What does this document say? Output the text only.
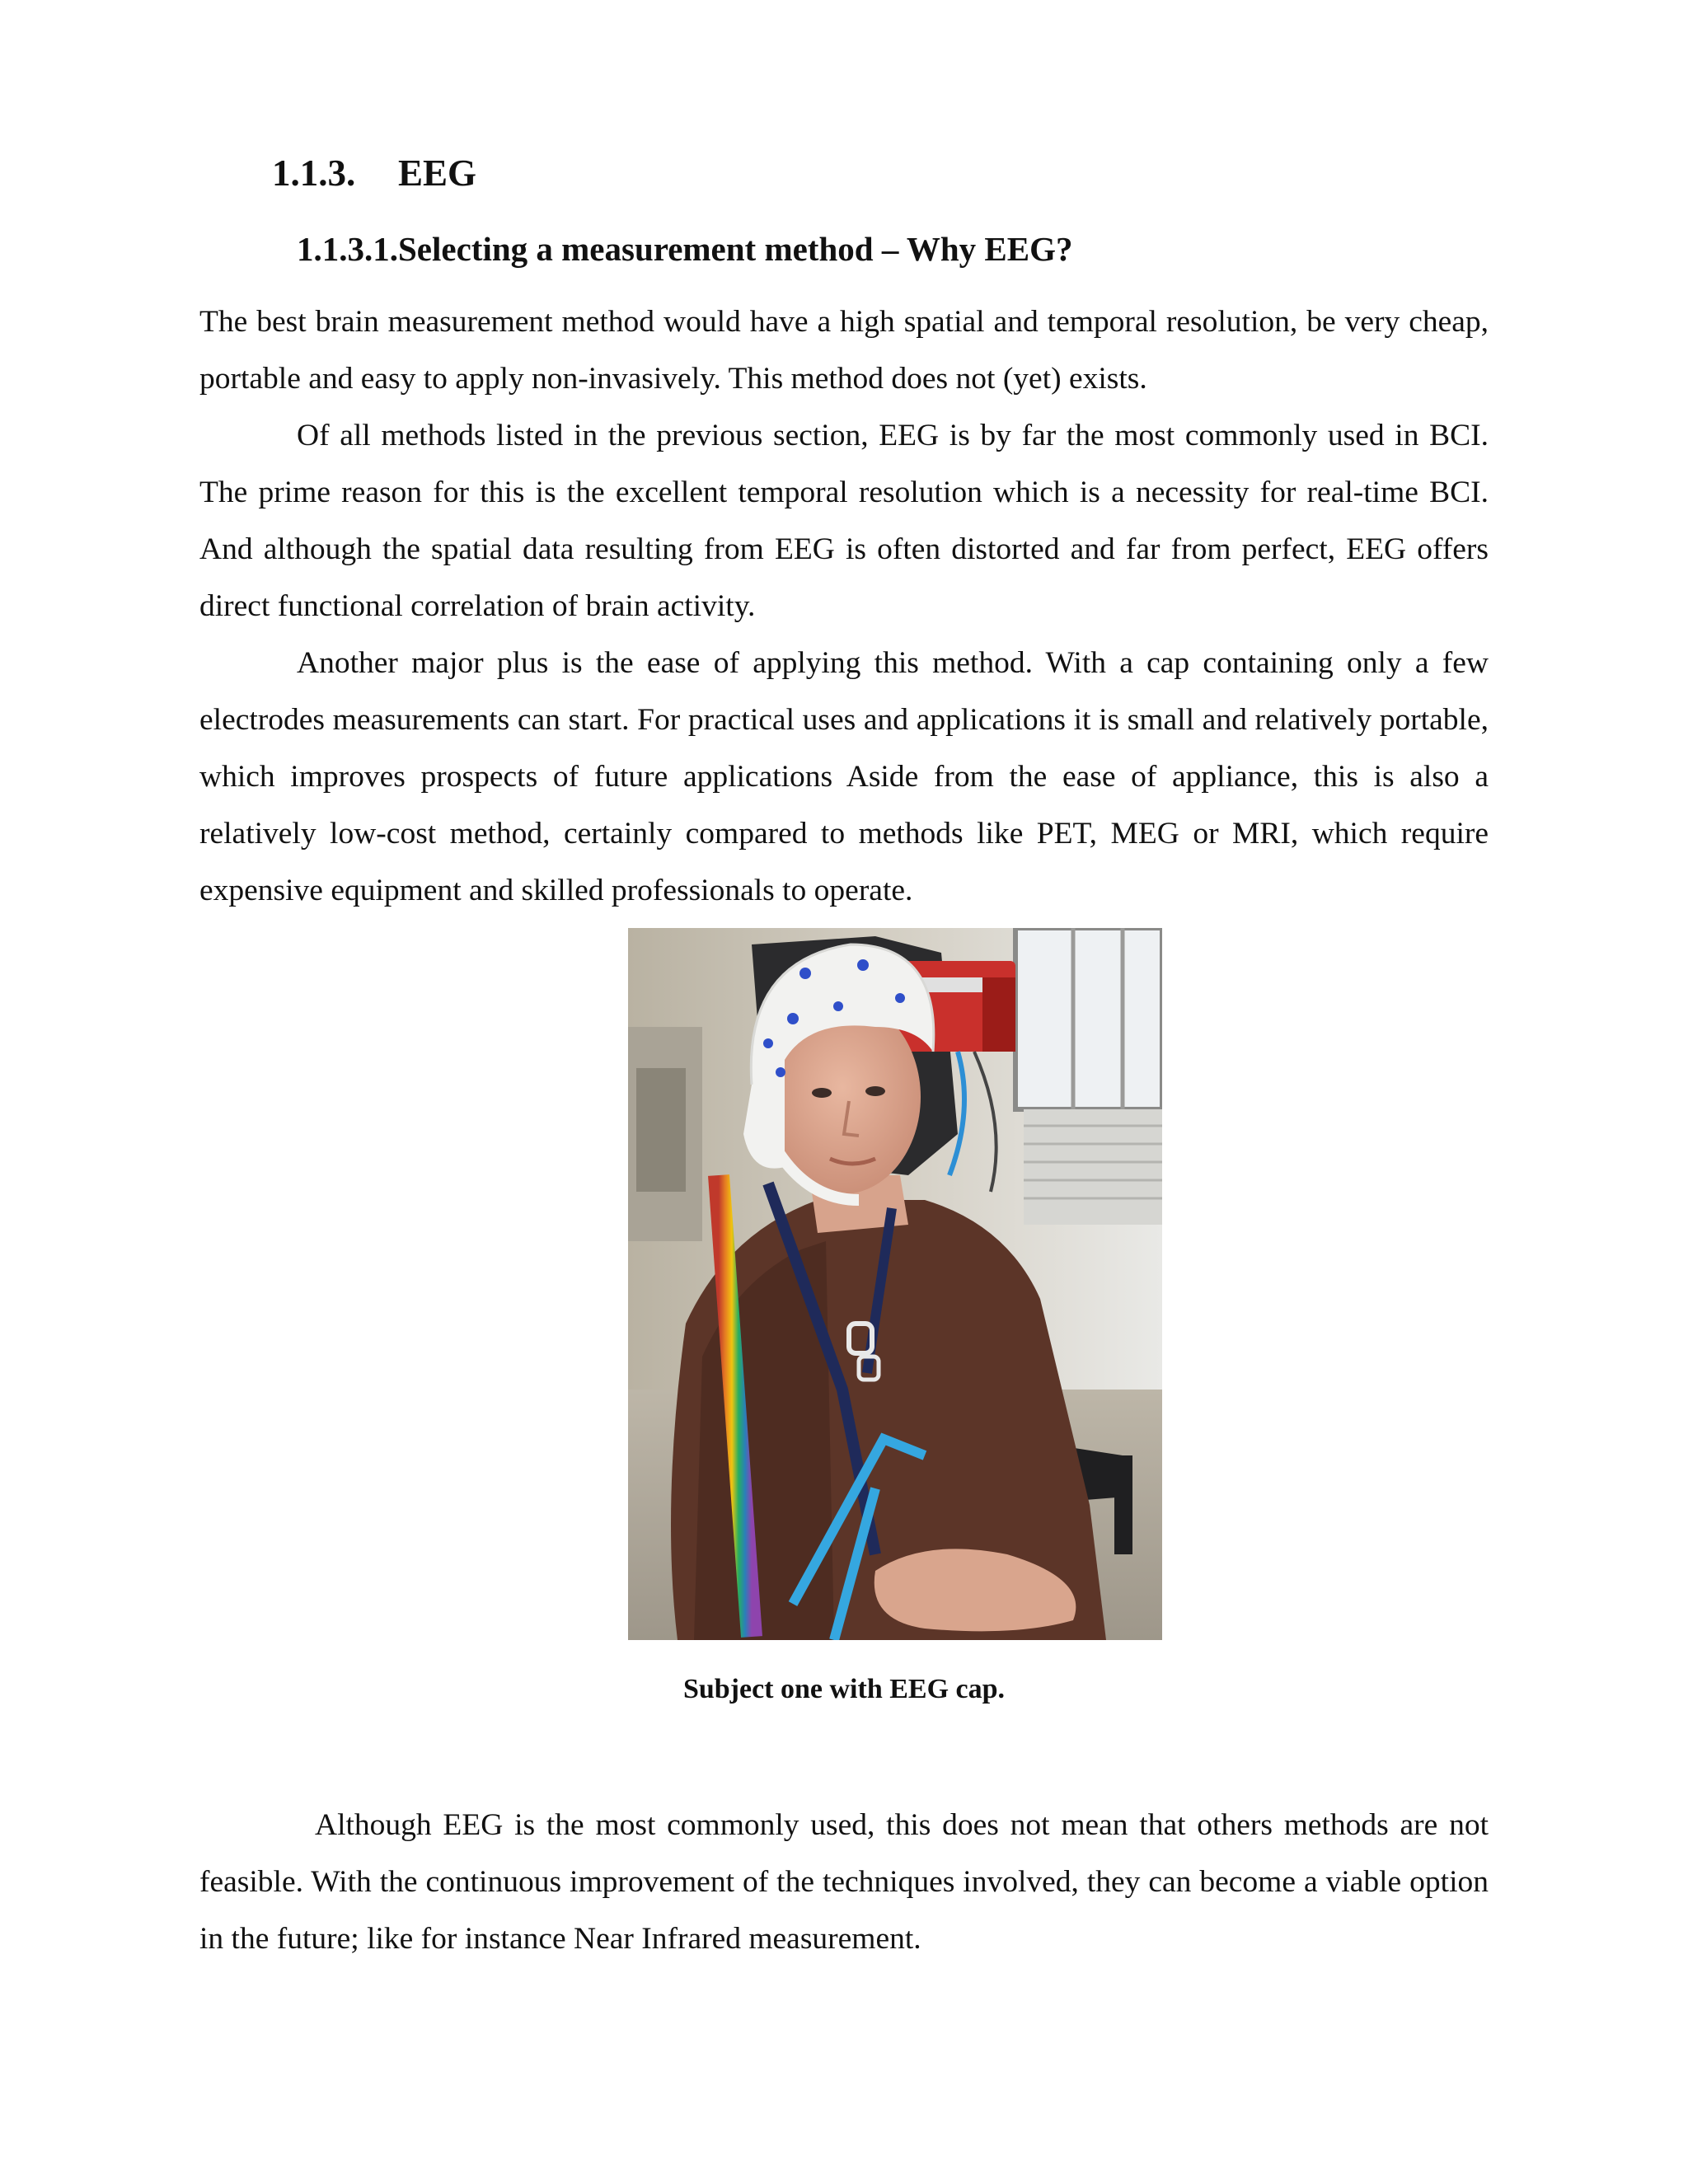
1.1.3. EEG
1.1.3.1.Selecting a measurement method – Why EEG?

The best brain measurement method would have a high spatial and temporal resolution, be very cheap, portable and easy to apply non-invasively. This method does not (yet) exists.

Of all methods listed in the previous section, EEG is by far the most commonly used in BCI. The prime reason for this is the excellent temporal resolution which is a necessity for real-time BCI. And although the spatial data resulting from EEG is often distorted and far from perfect, EEG offers direct functional correlation of brain activity.

Another major plus is the ease of applying this method. With a cap containing only a few electrodes measurements can start. For practical uses and applications it is small and relatively portable, which improves prospects of future applications Aside from the ease of appliance, this is also a relatively low-cost method, certainly compared to methods like PET, MEG or MRI, which require expensive equipment and skilled professionals to operate.

Subject one with EEG cap.

Although EEG is the most commonly used, this does not mean that others methods are not feasible. With the continuous improvement of the techniques involved, they can become a viable option in the future; like for instance Near Infrared measurement.
